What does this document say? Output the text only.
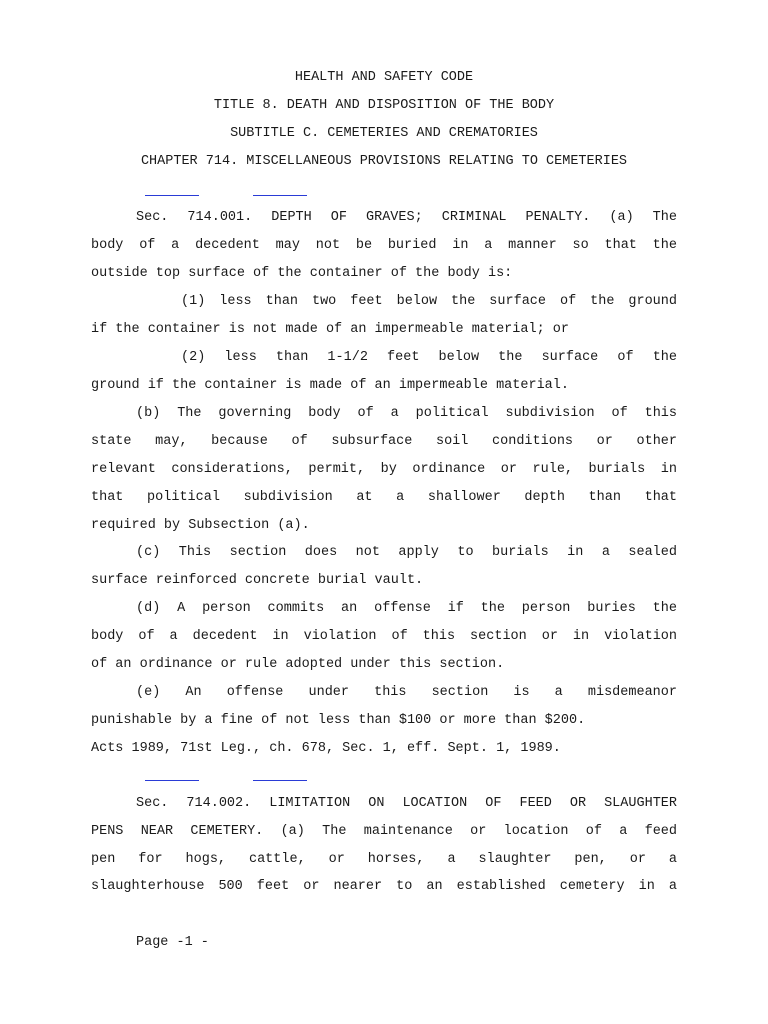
HEALTH AND SAFETY CODE
TITLE 8. DEATH AND DISPOSITION OF THE BODY
SUBTITLE C. CEMETERIES AND CREMATORIES
CHAPTER 714. MISCELLANEOUS PROVISIONS RELATING TO CEMETERIES
Sec. 714.001. DEPTH OF GRAVES; CRIMINAL PENALTY. (a) The
body of a decedent may not be buried in a manner so that the
outside top surface of the container of the body is:
(1) less than two feet below the surface of the ground
if the container is not made of an impermeable material; or
(2) less than 1-1/2 feet below the surface of the
ground if the container is made of an impermeable material.
(b) The governing body of a political subdivision of this
state may, because of subsurface soil conditions or other
relevant considerations, permit, by ordinance or rule, burials in
that political subdivision at a shallower depth than that
required by Subsection (a).
(c) This section does not apply to burials in a sealed
surface reinforced concrete burial vault.
(d) A person commits an offense if the person buries the
body of a decedent in violation of this section or in violation
of an ordinance or rule adopted under this section.
(e) An offense under this section is a misdemeanor
punishable by a fine of not less than $100 or more than $200.
Acts 1989, 71st Leg., ch. 678, Sec. 1, eff. Sept. 1, 1989.
Sec. 714.002. LIMITATION ON LOCATION OF FEED OR SLAUGHTER
PENS NEAR CEMETERY. (a) The maintenance or location of a feed
pen for hogs, cattle, or horses, a slaughter pen, or a
slaughterhouse 500 feet or nearer to an established cemetery in a
Page -1 -
